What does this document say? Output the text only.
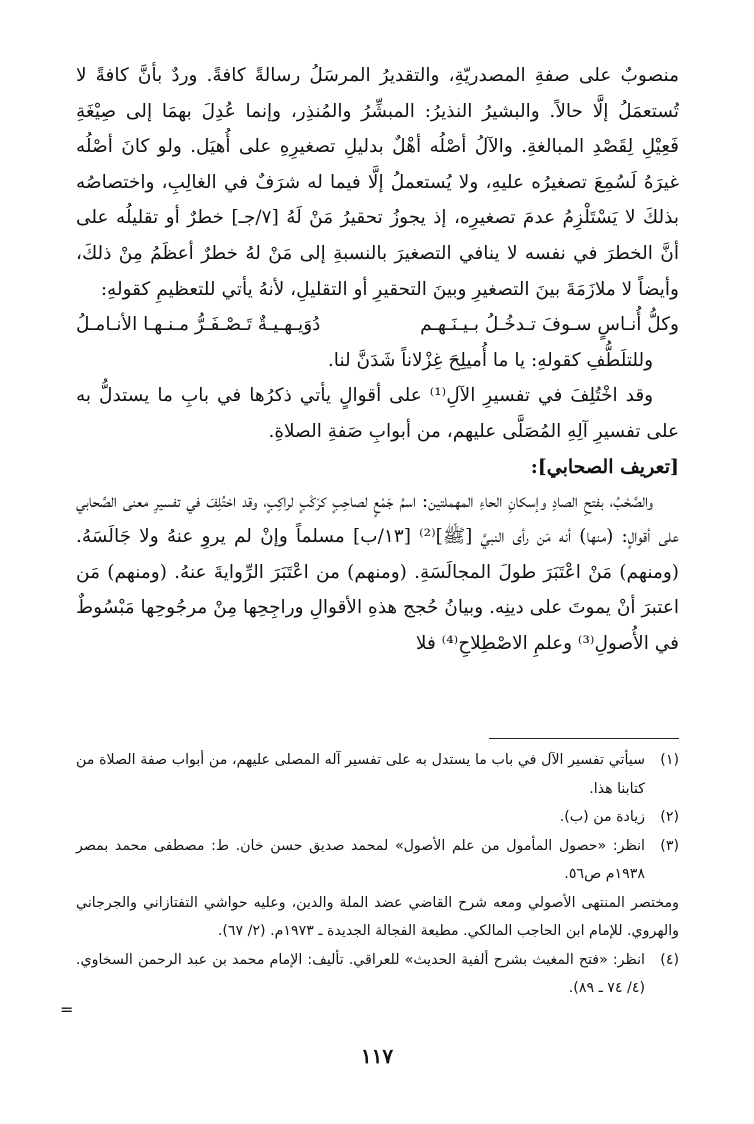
منصوبٌ على صفةِ المصدريّةِ، والتقديرُ المرسَلُ رسالةً كافةً. وردٌ بأنَّ كافةً لا تُستعمَلُ إلَّا حالاً. والبشيرُ النذيرُ: المبشِّرُ والمُنذِر، وإنما عُدِلَ بهمَا إلى صِيْغَةِ فَعِيْلِ لِقَصْدِ المبالغةِ. والآلُ أصْلُه أهْلٌ بدليلِ تصغيرِهِ على أُهيَل. ولو كانَ أصْلُه غيرَهُ لَسُمِعَ تصغيرُه عليهِ، ولا يُستعملُ إلَّا فيما له شرَفٌ في الغالِبِ، واختصاصُه بذلكَ لا يَسْتَلْزِمُ عدمَ تصغيرِه، إذ يجوزُ تحقيرُ مَنْ لَهُ [٧/جـ] خطرٌ أو تقليلُه على أنَّ الخطرَ في نفسه لا ينافي التصغيرَ بالنسبةِ إلى مَنْ لهُ خطرٌ أعظَمُ مِنْ ذلكَ، وأيضاً لا ملازَمَةَ بينَ التصغيرِ وبينَ التحقيرِ أو التقليلِ، لأنهُ يأتي للتعظيمِ كقولهِ:

وكلُّ أُنـاسٍ سـوفَ تـدخُـلُ بـيـنَـهـم
دُوَيـهـيـةٌ تَـصْـفَـرُّ مـنـهـا الأنـامـلُ

وللتلَطُّفِ كقولهِ: يا ما أُميلِحَ غِزْلاناً شَدَنَّ لنا.

وقد اخْتُلِفَ في تفسيرِ الآلِ⁽¹⁾ على أقوالٍ يأتي ذكرُها في بابِ ما يستدلُّ به على تفسيرِ آلِهِ المُصَلَّى عليهم، من أبوابِ صَفةِ الصلاةِ.

[تعريف الصحابي]:

والصَّحْبُ، بفتحِ الصادِ وإسكانِ الحاءِ المهملتين: اسمُ جَمْعٍ لصاحِبٍ كرَكْبٍ لراكِبٍ، وقد اختُلِفَ في تفسيرِ معنى الصَّحابي على أقوالٍ: (منها) أنه مَن رأى النبيَّ [ﷺ]⁽²⁾ [١٣/ب] مسلماً وإنْ لم يروِ عنهُ ولا جَالَسَهُ. (ومنهم) مَنْ اعْتَبَرَ طولَ المجالَسَةِ. (ومنهم) من اعْتَبَرَ الرِّوايةَ عنهُ. (ومنهم) مَن اعتبرَ أنْ يموتَ على دينِه. وبيانُ حُجج هذهِ الأقوالِ وراجِحِها مِنْ مرجُوحِها مَبْسُوطٌ في الأُصولِ⁽³⁾ وعلمِ الاصْطِلاحِ⁽⁴⁾ فلا

(١)
سيأتي تفسير الآل في باب ما يستدل به على تفسير آله المصلى عليهم، من أبواب صفة الصلاة من كتابنا هذا.
(٢)
زيادة من (ب).
(٣)
انظر: «حصول المأمول من علم الأصول» لمحمد صديق حسن خان. ط: مصطفى محمد بمصر ١٩٣٨م ص٥٦.
ومختصر المنتهى الأصولي ومعه شرح القاضي عضد الملة والدين، وعليه حواشي التفتازاني والجرجاني والهروي. للإمام ابن الحاجب المالكي. مطبعة الفجالة الجديدة ـ ١٩٧٣م. (٢/ ٦٧).
(٤)
انظر: «فتح المغيث بشرح ألفية الحديث» للعراقي. تأليف: الإمام محمد بن عبد الرحمن السخاوي. (٤/ ٧٤ ـ ٨٩).
=
١١٧
